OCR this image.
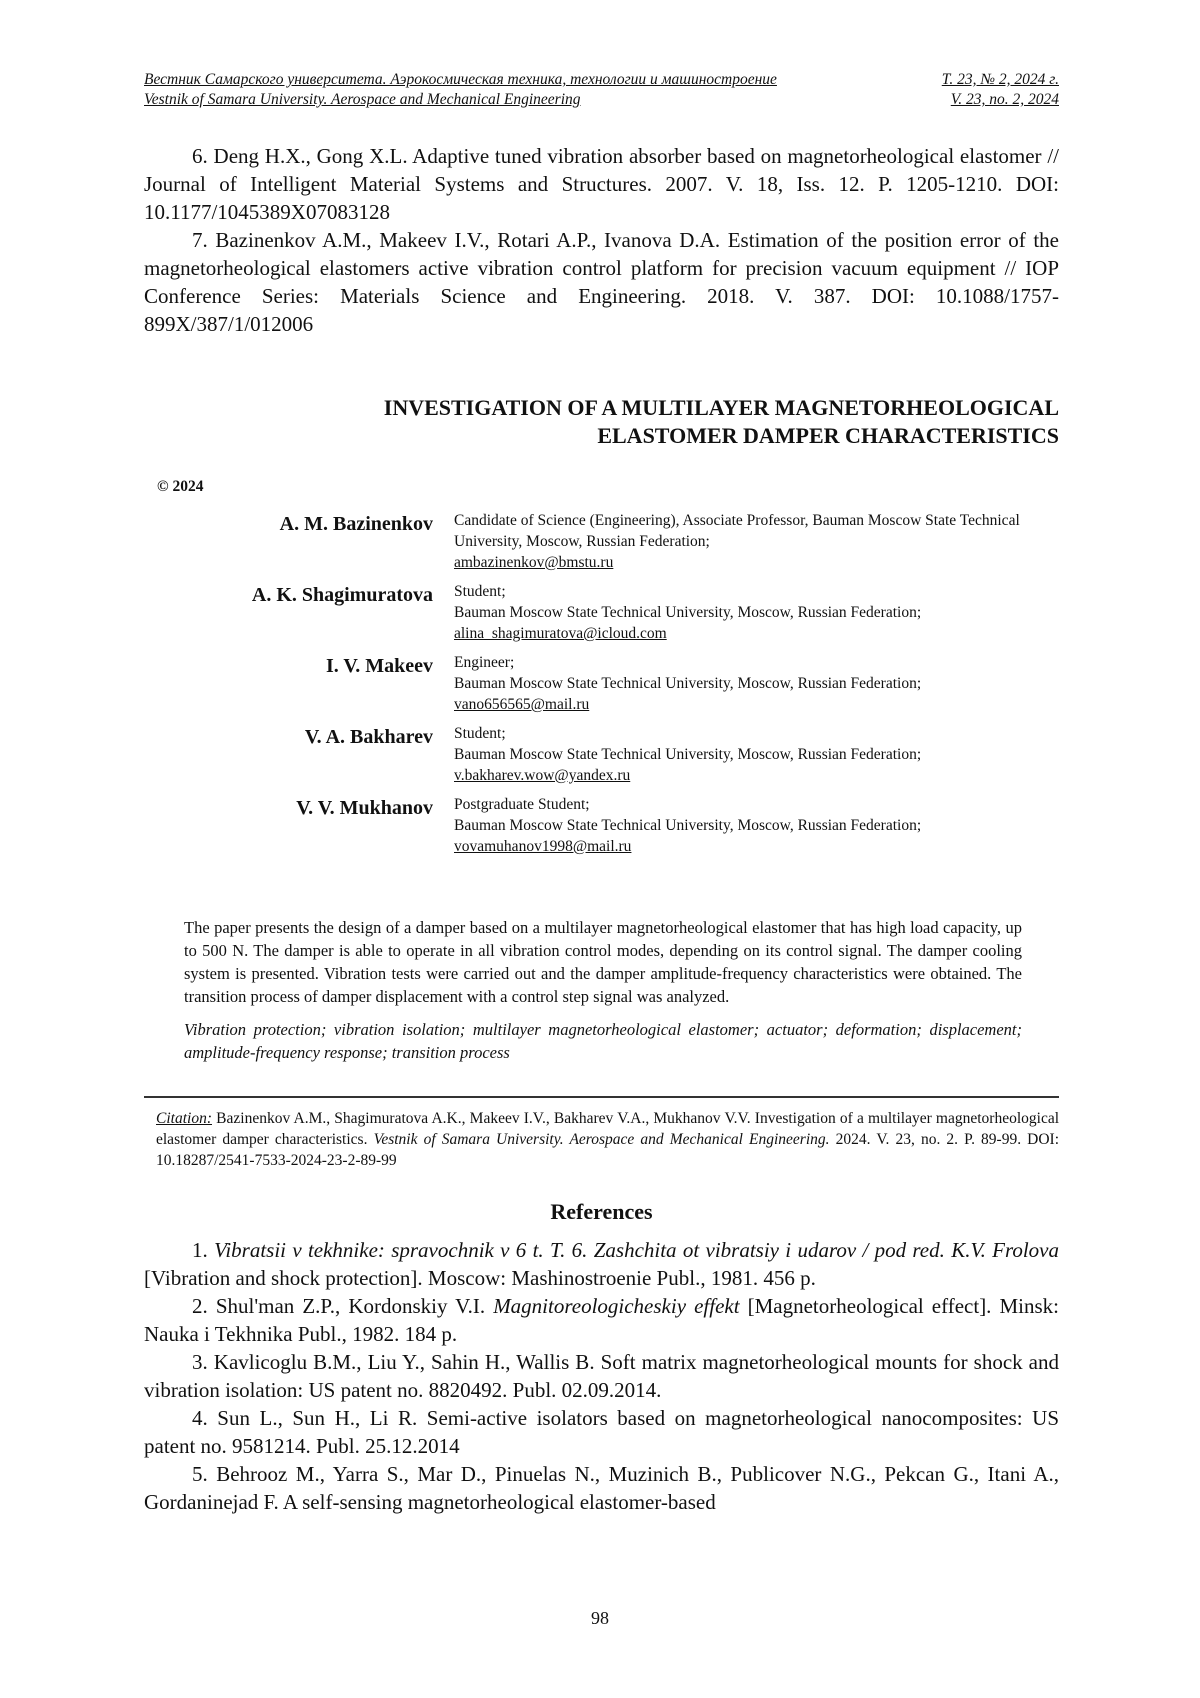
Вестник Самарского университета. Аэрокосмическая техника, технологии и машиностроение	Т. 23, № 2, 2024 г.
Vestnik of Samara University. Aerospace and Mechanical Engineering	V. 23, no. 2, 2024

6. Deng H.X., Gong X.L. Adaptive tuned vibration absorber based on magnetorheological elastomer // Journal of Intelligent Material Systems and Structures. 2007. V. 18, Iss. 12. P. 1205-1210. DOI: 10.1177/1045389X07083128

7. Bazinenkov A.M., Makeev I.V., Rotari A.P., Ivanova D.A. Estimation of the position error of the magnetorheological elastomers active vibration control platform for precision vacuum equipment // IOP Conference Series: Materials Science and Engineering. 2018. V. 387. DOI: 10.1088/1757-899X/387/1/012006

INVESTIGATION OF A MULTILAYER MAGNETORHEOLOGICAL
ELASTOMER DAMPER CHARACTERISTICS
© 2024
A. M. Bazinenkov Candidate of Science (Engineering), Associate Professor, Bauman Moscow State Technical University, Moscow, Russian Federation;
ambazinenkov@bmstu.ru
A. K. Shagimuratova Student;
Bauman Moscow State Technical University, Moscow, Russian Federation;
alina_shagimuratova@icloud.com
I. V. Makeev Engineer;
Bauman Moscow State Technical University, Moscow, Russian Federation;
vano656565@mail.ru
V. A. Bakharev Student;
Bauman Moscow State Technical University, Moscow, Russian Federation;
v.bakharev.wow@yandex.ru
V. V. Mukhanov Postgraduate Student;
Bauman Moscow State Technical University, Moscow, Russian Federation;
vovamuhanov1998@mail.ru

The paper presents the design of a damper based on a multilayer magnetorheological elastomer that has high load capacity, up to 500 N. The damper is able to operate in all vibration control modes, depending on its control signal. The damper cooling system is presented. Vibration tests were carried out and the damper amplitude-frequency characteristics were obtained. The transition process of damper displacement with a control step signal was analyzed.

Vibration protection; vibration isolation; multilayer magnetorheological elastomer; actuator; deformation; displacement; amplitude-frequency response; transition process

Citation: Bazinenkov A.M., Shagimuratova A.K., Makeev I.V., Bakharev V.A., Mukhanov V.V. Investigation of a multilayer magnetorheological elastomer damper characteristics. Vestnik of Samara University. Aerospace and Mechanical Engineering. 2024. V. 23, no. 2. P. 89-99. DOI: 10.18287/2541-7533-2024-23-2-89-99
References

1. Vibratsii v tekhnike: spravochnik v 6 t. T. 6. Zashchita ot vibratsiy i udarov / pod red. K.V. Frolova [Vibration and shock protection]. Moscow: Mashinostroenie Publ., 1981. 456 p.

2. Shul'man Z.P., Kordonskiy V.I. Magnitoreologicheskiy effekt [Magnetorheological effect]. Minsk: Nauka i Tekhnika Publ., 1982. 184 p.

3. Kavlicoglu B.M., Liu Y., Sahin H., Wallis B. Soft matrix magnetorheological mounts for shock and vibration isolation: US patent no. 8820492. Publ. 02.09.2014.

4. Sun L., Sun H., Li R. Semi-active isolators based on magnetorheological nanocomposites: US patent no. 9581214. Publ. 25.12.2014

5. Behrooz M., Yarra S., Mar D., Pinuelas N., Muzinich B., Publicover N.G., Pekcan G., Itani A., Gordaninejad F. A self-sensing magnetorheological elastomer-based

98
